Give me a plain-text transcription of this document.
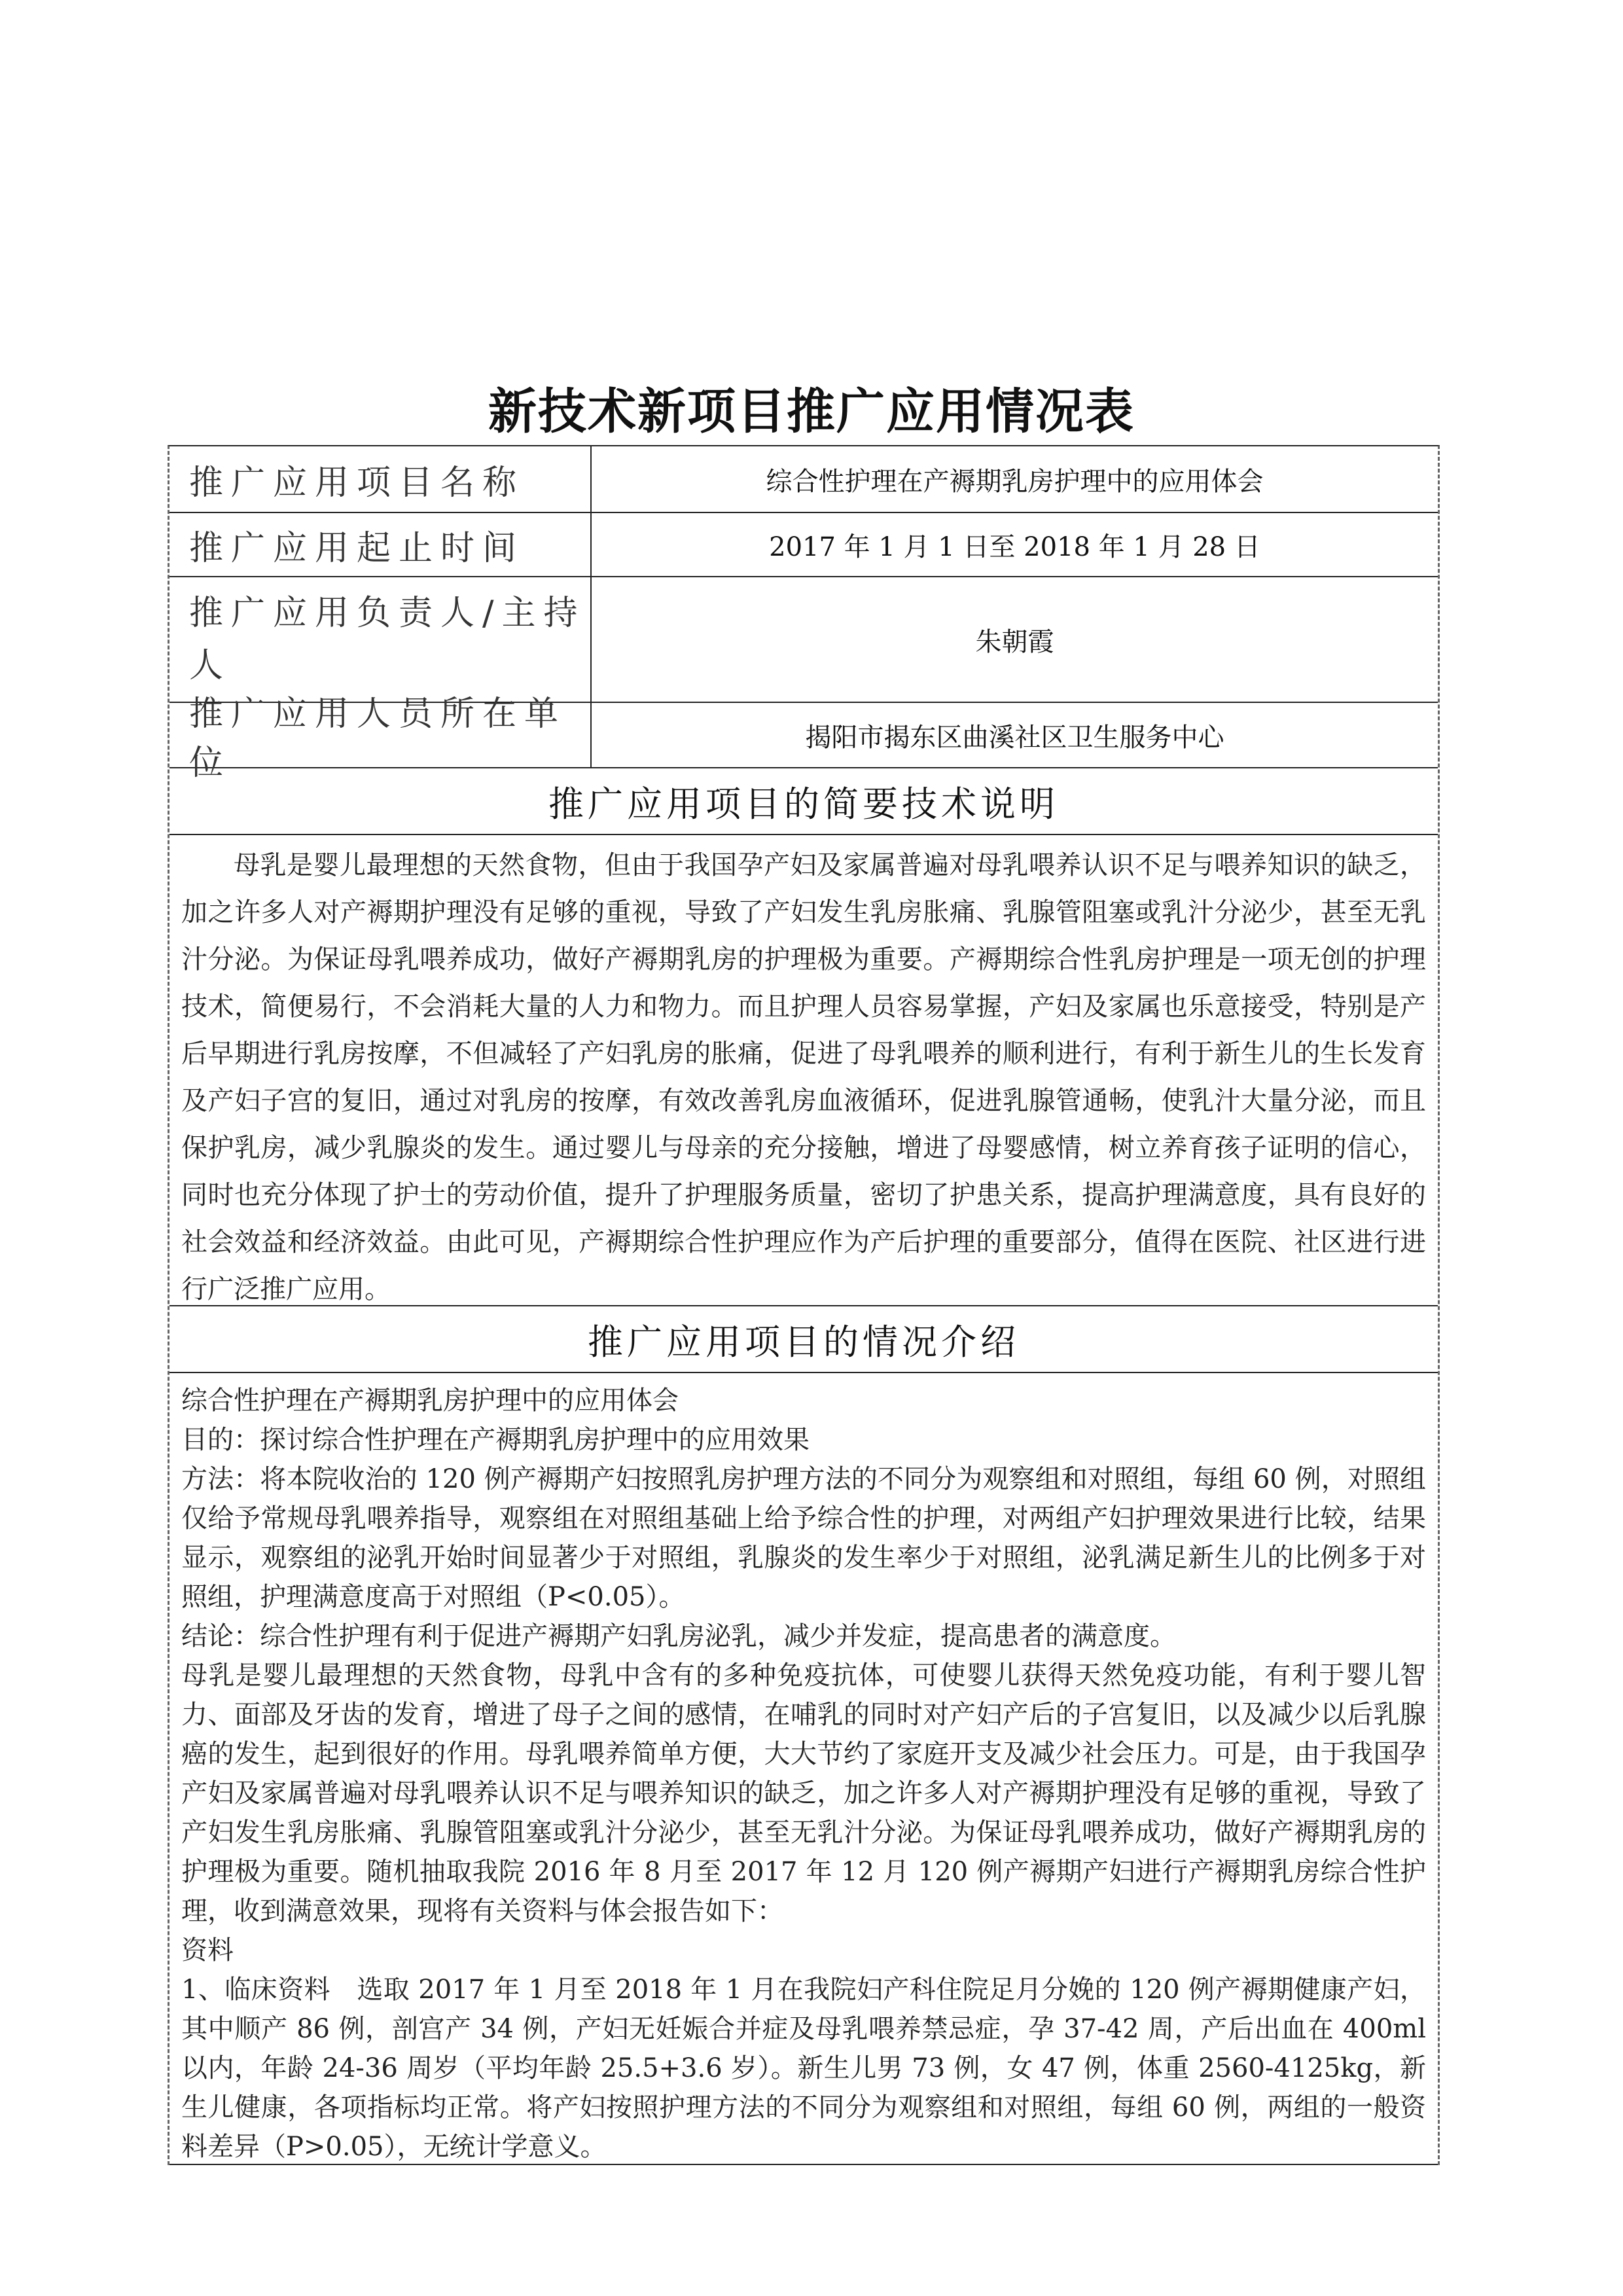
新技术新项目推广应用情况表
推广应用项目名称	综合性护理在产褥期乳房护理中的应用体会
推广应用起止时间	2017 年 1 月 1 日至 2018 年 1 月 28 日
推广应用负责人/主持人
朱朝霞
推广应用人员所在单位
揭阳市揭东区曲溪社区卫生服务中心
推广应用项目的简要技术说明

母乳是婴儿最理想的天然食物，但由于我国孕产妇及家属普遍对母乳喂养认识不足与喂养知识的缺乏，加之许多人对产褥期护理没有足够的重视，导致了产妇发生乳房胀痛、乳腺管阻塞或乳汁分泌少，甚至无乳汁分泌。为保证母乳喂养成功，做好产褥期乳房的护理极为重要。产褥期综合性乳房护理是一项无创的护理技术，简便易行，不会消耗大量的人力和物力。而且护理人员容易掌握，产妇及家属也乐意接受，特别是产后早期进行乳房按摩，不但减轻了产妇乳房的胀痛，促进了母乳喂养的顺利进行，有利于新生儿的生长发育及产妇子宫的复旧，通过对乳房的按摩，有效改善乳房血液循环，促进乳腺管通畅，使乳汁大量分泌，而且保护乳房，减少乳腺炎的发生。通过婴儿与母亲的充分接触，增进了母婴感情，树立养育孩子证明的信心，同时也充分体现了护士的劳动价值，提升了护理服务质量，密切了护患关系，提高护理满意度，具有良好的社会效益和经济效益。由此可见，产褥期综合性护理应作为产后护理的重要部分，值得在医院、社区进行进行广泛推广应用。

推广应用项目的情况介绍

综合性护理在产褥期乳房护理中的应用体会

目的：探讨综合性护理在产褥期乳房护理中的应用效果

方法：将本院收治的 120 例产褥期产妇按照乳房护理方法的不同分为观察组和对照组，每组 60 例，对照组仅给予常规母乳喂养指导，观察组在对照组基础上给予综合性的护理，对两组产妇护理效果进行比较，结果显示，观察组的泌乳开始时间显著少于对照组，乳腺炎的发生率少于对照组，泌乳满足新生儿的比例多于对照组，护理满意度高于对照组（P<0.05）。

结论：综合性护理有利于促进产褥期产妇乳房泌乳，减少并发症，提高患者的满意度。

母乳是婴儿最理想的天然食物，母乳中含有的多种免疫抗体，可使婴儿获得天然免疫功能，有利于婴儿智力、面部及牙齿的发育，增进了母子之间的感情，在哺乳的同时对产妇产后的子宫复旧，以及减少以后乳腺癌的发生，起到很好的作用。母乳喂养简单方便，大大节约了家庭开支及减少社会压力。可是，由于我国孕产妇及家属普遍对母乳喂养认识不足与喂养知识的缺乏，加之许多人对产褥期护理没有足够的重视，导致了产妇发生乳房胀痛、乳腺管阻塞或乳汁分泌少，甚至无乳汁分泌。为保证母乳喂养成功，做好产褥期乳房的护理极为重要。随机抽取我院 2016 年 8 月至 2017 年 12 月 120 例产褥期产妇进行产褥期乳房综合性护理，收到满意效果，现将有关资料与体会报告如下：

资料

1、临床资料　选取 2017 年 1 月至 2018 年 1 月在我院妇产科住院足月分娩的 120 例产褥期健康产妇，其中顺产 86 例，剖宫产 34 例，产妇无妊娠合并症及母乳喂养禁忌症，孕 37-42 周，产后出血在 400ml 以内，年龄 24-36 周岁（平均年龄 25.5+3.6 岁）。新生儿男 73 例，女 47 例，体重 2560-4125kg，新生儿健康，各项指标均正常。将产妇按照护理方法的不同分为观察组和对照组，每组 60 例，两组的一般资料差异（P>0.05），无统计学意义。
